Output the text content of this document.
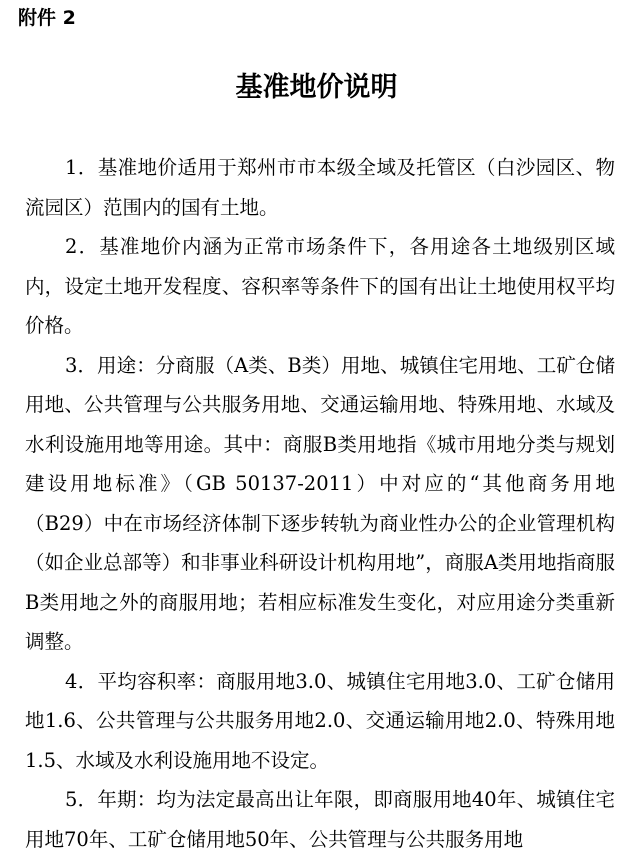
附件 2
基准地价说明

1．基准地价适用于郑州市市本级全域及托管区（白沙园区、物流园区）范围内的国有土地。

2．基准地价内涵为正常市场条件下，各用途各土地级别区域内，设定土地开发程度、容积率等条件下的国有出让土地使用权平均价格。

3．用途：分商服（A类、B类）用地、城镇住宅用地、工矿仓储用地、公共管理与公共服务用地、交通运输用地、特殊用地、水域及水利设施用地等用途。其中：商服B类用地指《城市用地分类与规划建设用地标准》（GB 50137-2011）中对应的“其他商务用地（B29）中在市场经济体制下逐步转轨为商业性办公的企业管理机构（如企业总部等）和非事业科研设计机构用地”，商服A类用地指商服B类用地之外的商服用地；若相应标准发生变化，对应用途分类重新调整。

4．平均容积率：商服用地3.0、城镇住宅用地3.0、工矿仓储用地1.6、公共管理与公共服务用地2.0、交通运输用地2.0、特殊用地1.5、水域及水利设施用地不设定。

5．年期：均为法定最高出让年限，即商服用地40年、城镇住宅用地70年、工矿仓储用地50年、公共管理与公共服务用地
